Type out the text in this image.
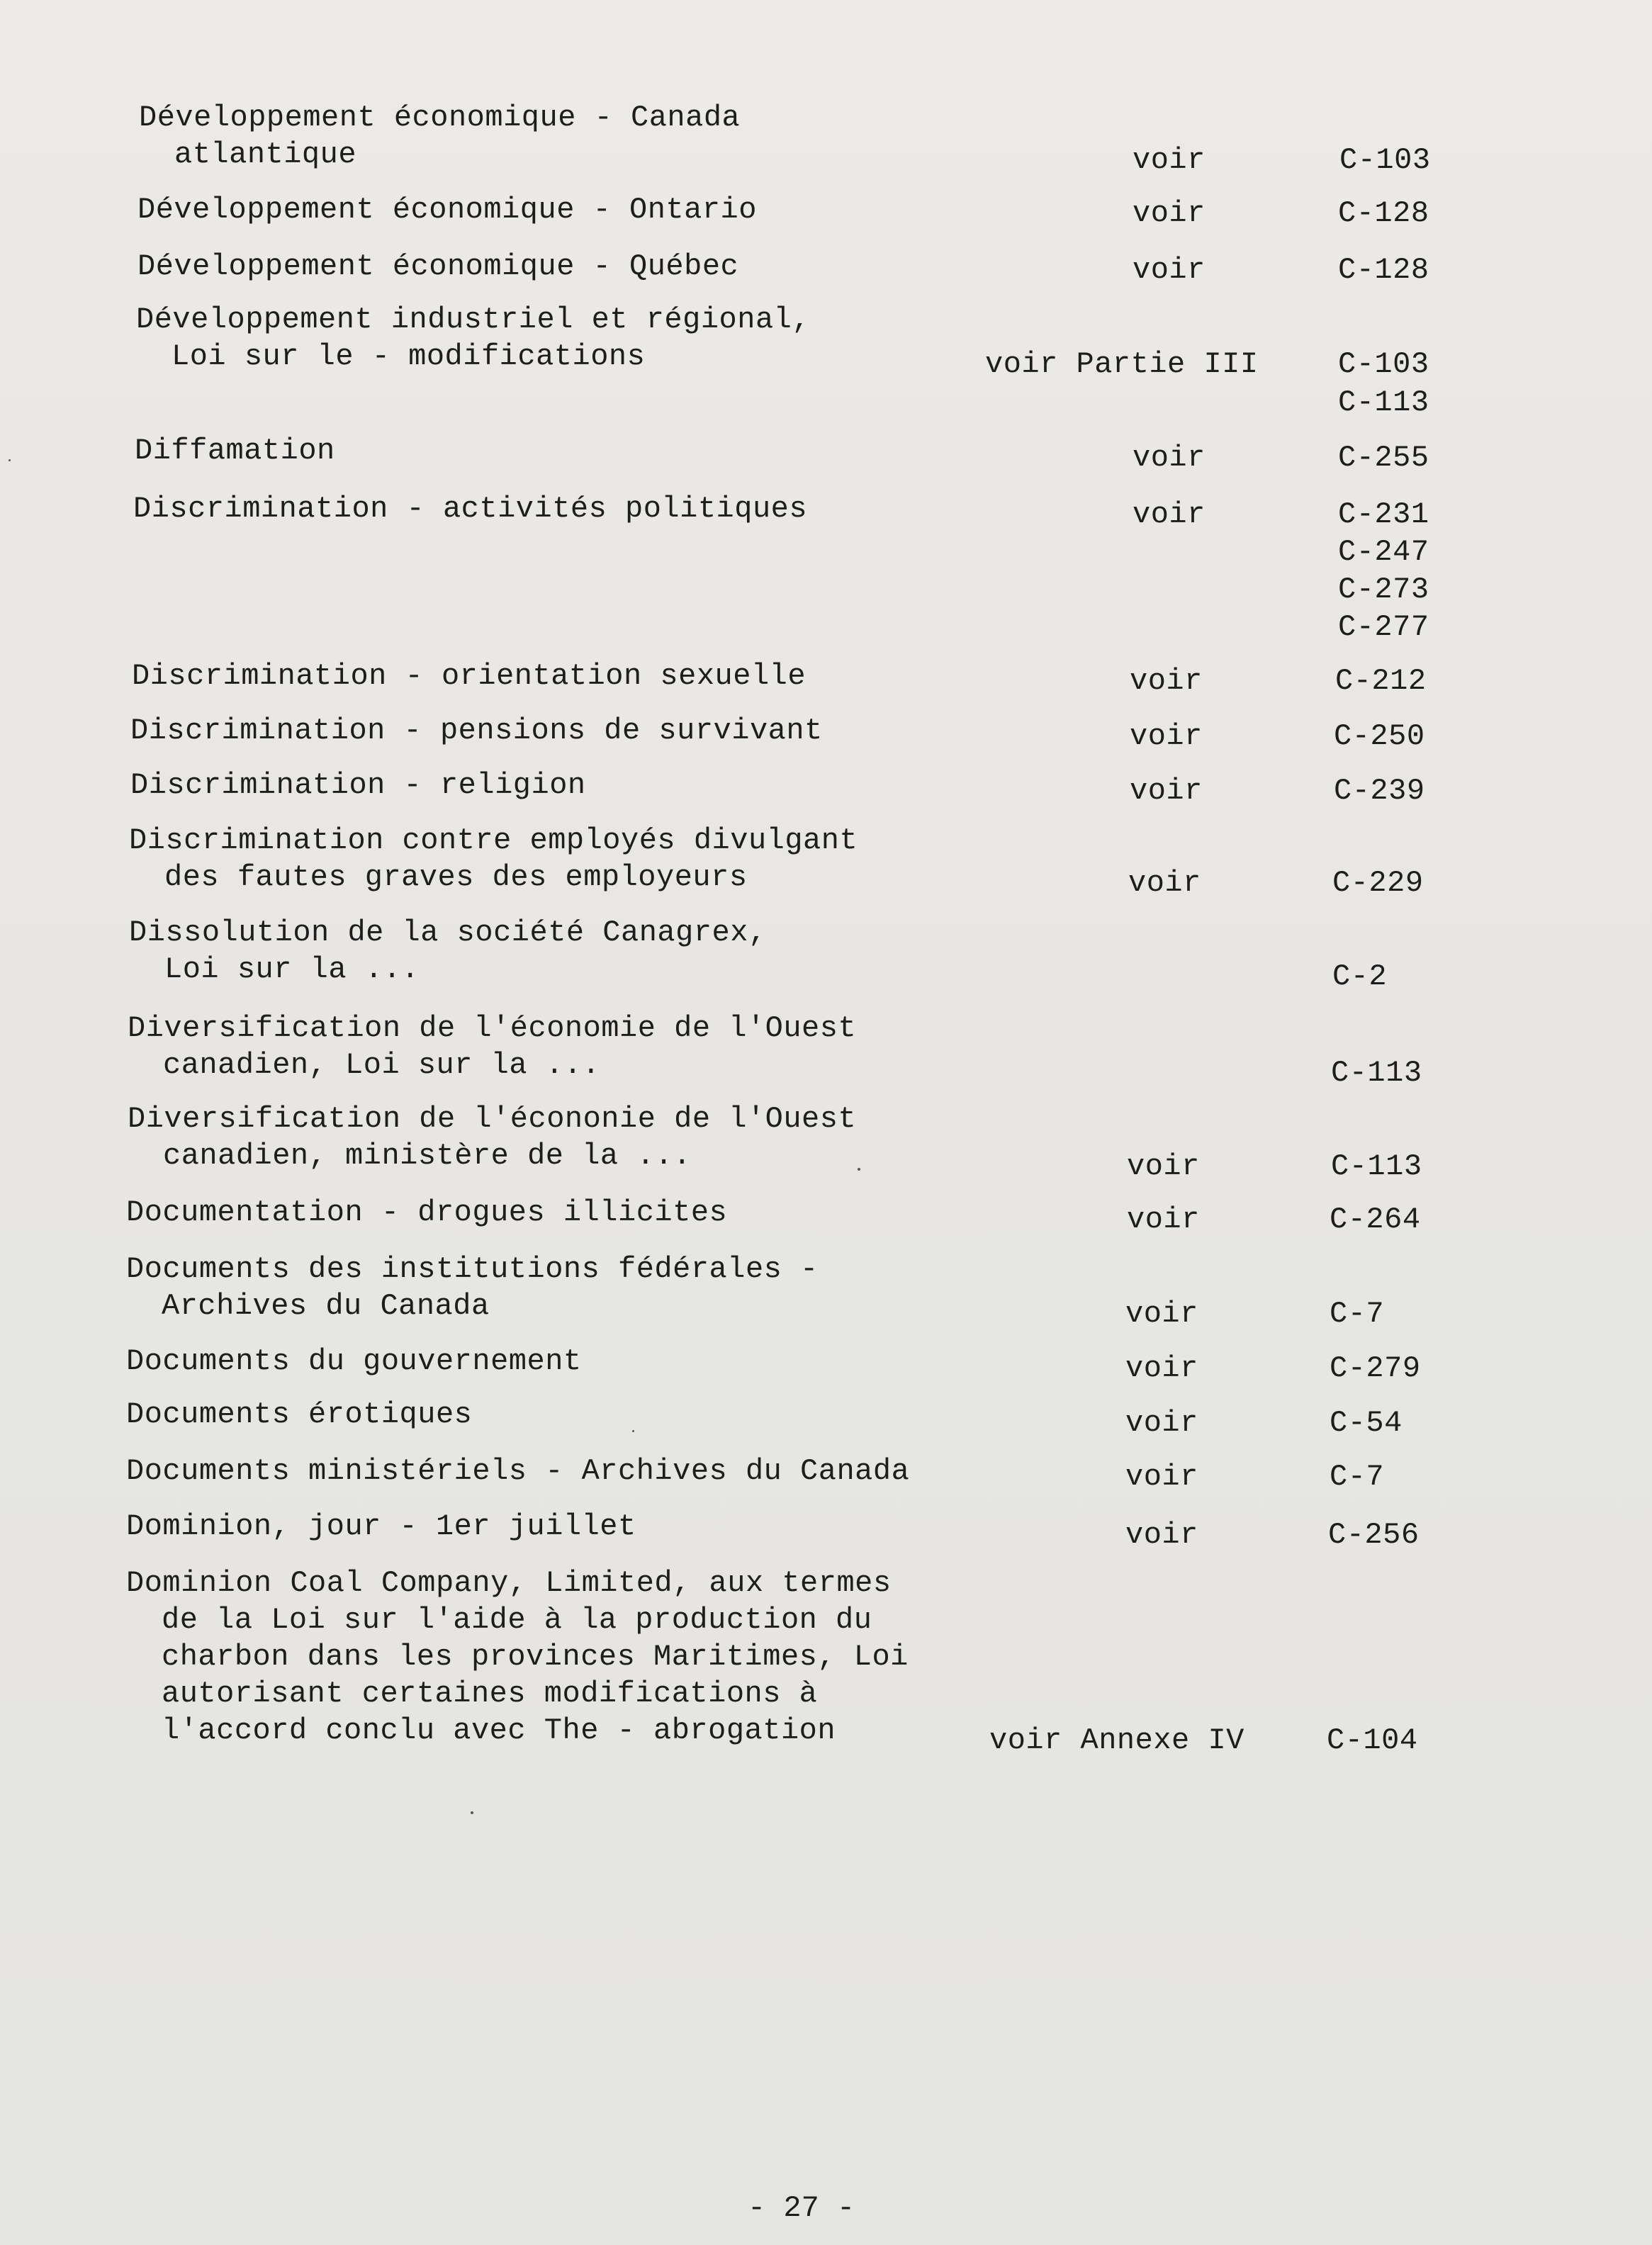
Développement économique - Canada
atlantique	voir	C-103
Développement économique - Ontario	voir	C-128
Développement économique - Québec	voir	C-128
Développement industriel et régional,
Loi sur le - modifications	voir Partie III	C-103
C-113
Diffamation	voir	C-255
Discrimination - activités politiques	voir	C-231
C-247
C-273
C-277
Discrimination - orientation sexuelle	voir	C-212
Discrimination - pensions de survivant	voir	C-250
Discrimination - religion	voir	C-239
Discrimination contre employés divulgant
des fautes graves des employeurs	voir	C-229
Dissolution de la société Canagrex,
Loi sur la ...	C-2
Diversification de l'économie de l'Ouest
canadien, Loi sur la ...	C-113
Diversification de l'écononie de l'Ouest
canadien, ministère de la ...	voir	C-113
Documentation - drogues illicites	voir	C-264
Documents des institutions fédérales -
Archives du Canada	voir	C-7
Documents du gouvernement	voir	C-279
Documents érotiques	voir	C-54
Documents ministériels - Archives du Canada	voir	C-7
Dominion, jour - 1er juillet	voir	C-256
Dominion Coal Company, Limited, aux termes
de la Loi sur l'aide à la production du
charbon dans les provinces Maritimes, Loi
autorisant certaines modifications à
l'accord conclu avec The - abrogation	voir Annexe IV	C-104
- 27 -
